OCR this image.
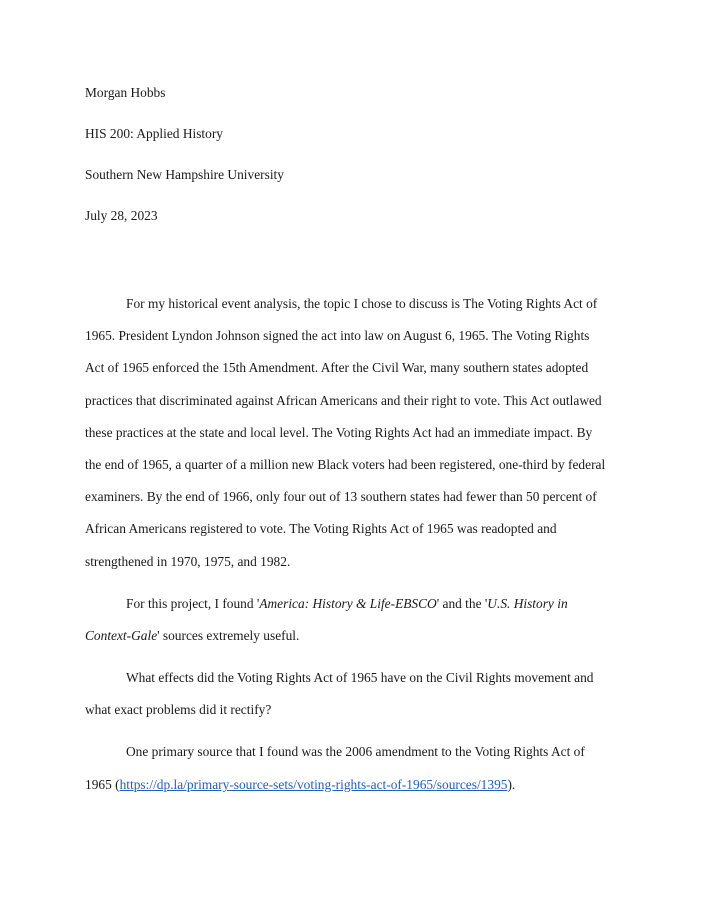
Morgan Hobbs

HIS 200: Applied History

Southern New Hampshire University

July 28, 2023

For my historical event analysis, the topic I chose to discuss is The Voting Rights Act of
1965. President Lyndon Johnson signed the act into law on August 6, 1965. The Voting Rights
Act of 1965 enforced the 15th Amendment. After the Civil War, many southern states adopted
practices that discriminated against African Americans and their right to vote. This Act outlawed
these practices at the state and local level. The Voting Rights Act had an immediate impact. By
the end of 1965, a quarter of a million new Black voters had been registered, one-third by federal
examiners. By the end of 1966, only four out of 13 southern states had fewer than 50 percent of
African Americans registered to vote. The Voting Rights Act of 1965 was readopted and
strengthened in 1970, 1975, and 1982.
For this project, I found 'America: History & Life-EBSCO' and the 'U.S. History in
Context-Gale' sources extremely useful.
What effects did the Voting Rights Act of 1965 have on the Civil Rights movement and
what exact problems did it rectify?
One primary source that I found was the 2006 amendment to the Voting Rights Act of
1965 (https://dp.la/primary-source-sets/voting-rights-act-of-1965/sources/1395).
